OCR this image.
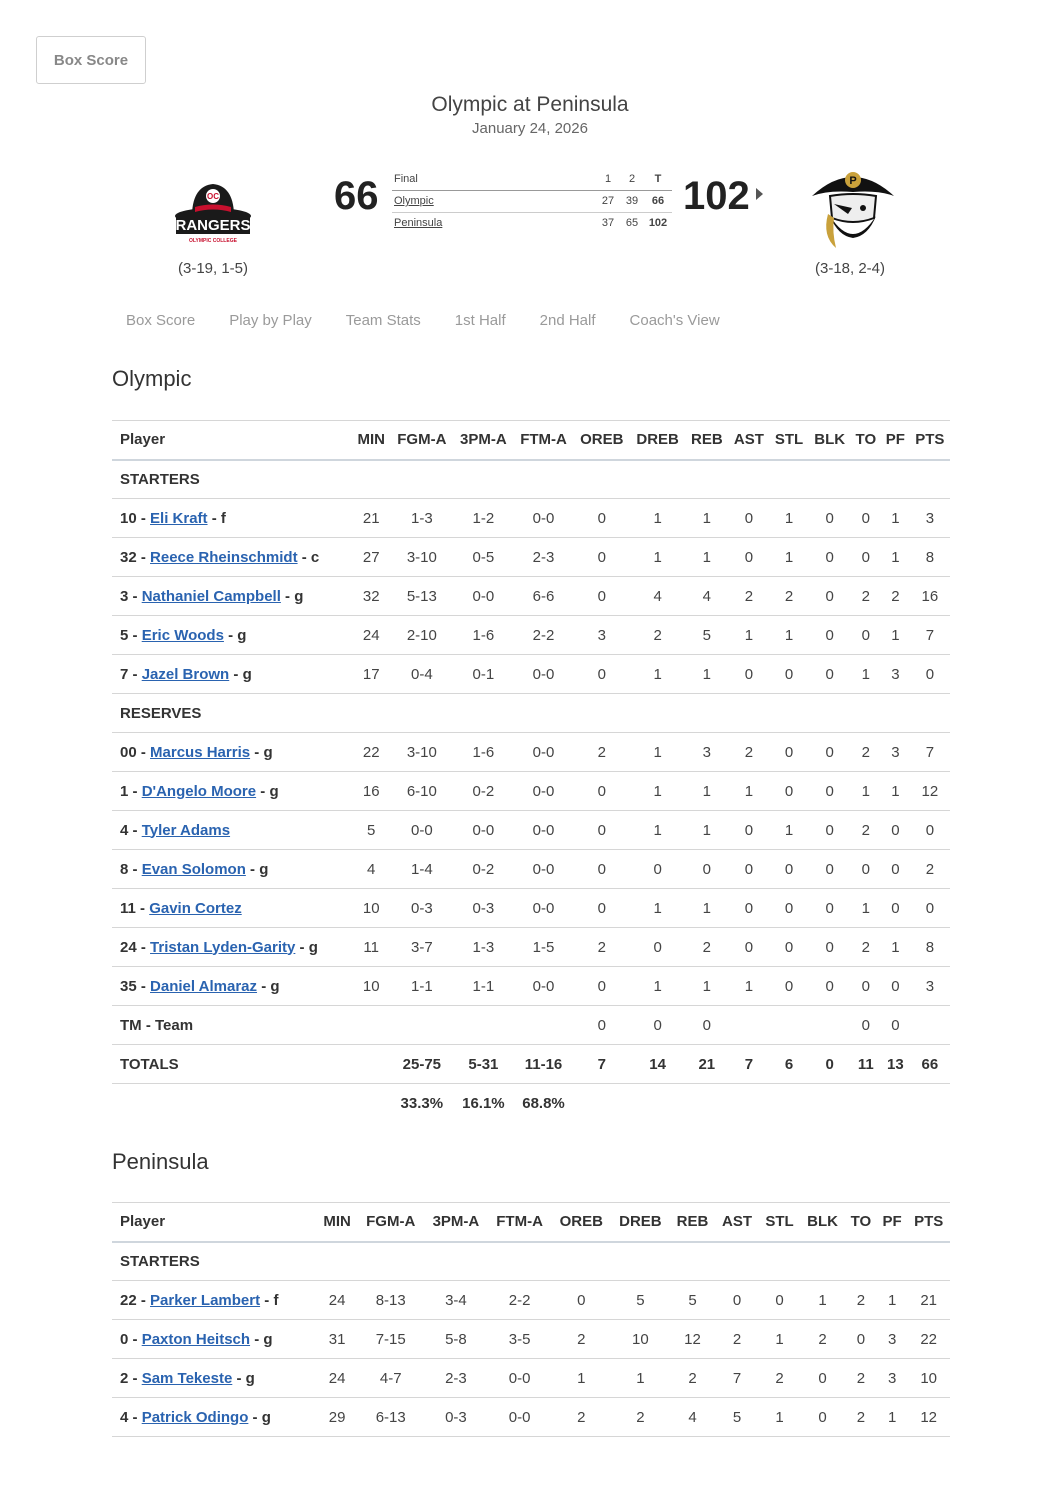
Box Score
Olympic at Peninsula
January 24, 2026
OC
RANGERS
OLYMPIC COLLEGE
(3-19, 1-5)
66 Final	1	2	T
Olympic	27	39	66
Peninsula	37	65	102
102	P
(3-18, 2-4)
Box Score Play by Play Team Stats 1st Half 2nd Half Coach's View
Olympic
Player	MIN	FGM-A	3PM-A	FTM-A	OREB	DREB	REB	AST	STL	BLK	TO	PF	PTS
STARTERS													
10 - Eli Kraft - f	21	1-3	1-2	0-0	0	1	1	0	1	0	0	1	3
32 - Reece Rheinschmidt - c	27	3-10	0-5	2-3	0	1	1	0	1	0	0	1	8
3 - Nathaniel Campbell - g	32	5-13	0-0	6-6	0	4	4	2	2	0	2	2	16
5 - Eric Woods - g	24	2-10	1-6	2-2	3	2	5	1	1	0	0	1	7
7 - Jazel Brown - g	17	0-4	0-1	0-0	0	1	1	0	0	0	1	3	0
RESERVES													
00 - Marcus Harris - g	22	3-10	1-6	0-0	2	1	3	2	0	0	2	3	7
1 - D'Angelo Moore - g	16	6-10	0-2	0-0	0	1	1	1	0	0	1	1	12
4 - Tyler Adams	5	0-0	0-0	0-0	0	1	1	0	1	0	2	0	0
8 - Evan Solomon - g	4	1-4	0-2	0-0	0	0	0	0	0	0	0	0	2
11 - Gavin Cortez	10	0-3	0-3	0-0	0	1	1	0	0	0	1	0	0
24 - Tristan Lyden-Garity - g	11	3-7	1-3	1-5	2	0	2	0	0	0	2	1	8
35 - Daniel Almaraz - g	10	1-1	1-1	0-0	0	1	1	1	0	0	0	0	3
TM - Team					0	0	0				0	0	
TOTALS		25-75	5-31	11-16	7	14	21	7	6	0	11	13	66
		33.3%	16.1%	68.8%									
Peninsula
Player	MIN	FGM-A	3PM-A	FTM-A	OREB	DREB	REB	AST	STL	BLK	TO	PF	PTS
STARTERS													
22 - Parker Lambert - f	24	8-13	3-4	2-2	0	5	5	0	0	1	2	1	21
0 - Paxton Heitsch - g	31	7-15	5-8	3-5	2	10	12	2	1	2	0	3	22
2 - Sam Tekeste - g	24	4-7	2-3	0-0	1	1	2	7	2	0	2	3	10
4 - Patrick Odingo - g	29	6-13	0-3	0-0	2	2	4	5	1	0	2	1	12
